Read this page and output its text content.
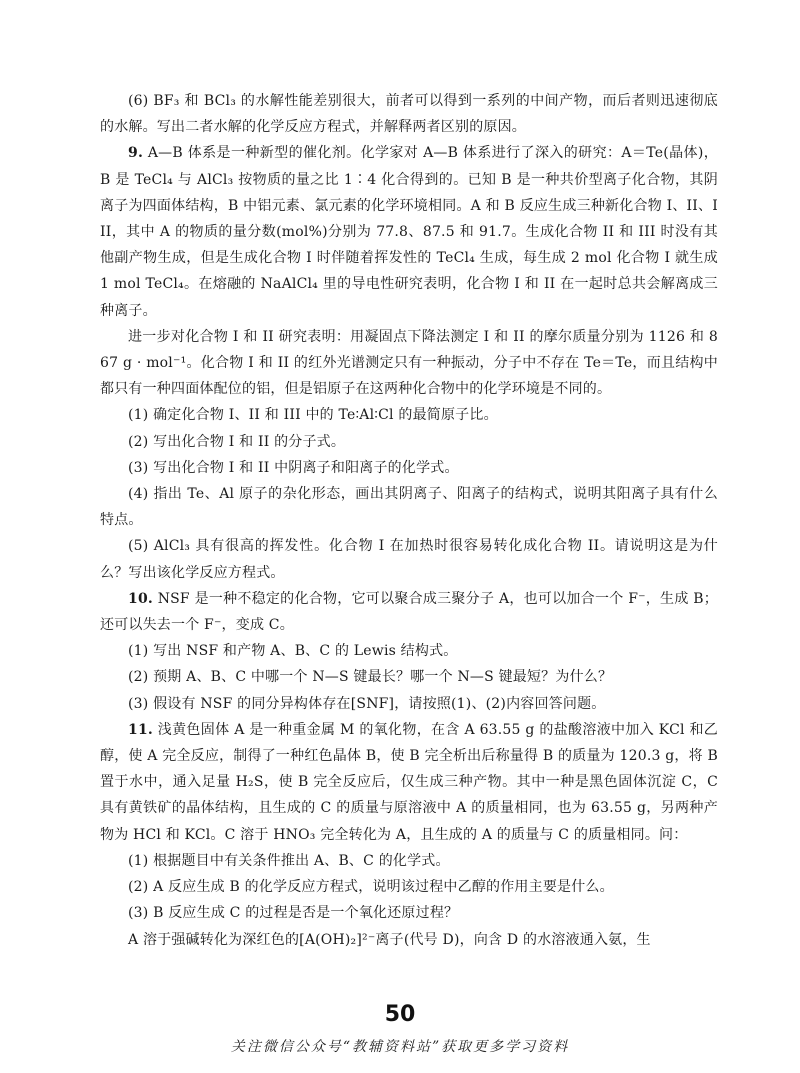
(6) BF₃ 和 BCl₃ 的水解性能差别很大，前者可以得到一系列的中间产物，而后者则迅速彻底的水解。写出二者水解的化学反应方程式，并解释两者区别的原因。

9. A—B 体系是一种新型的催化剂。化学家对 A—B 体系进行了深入的研究：A＝Te(晶体)，B 是 TeCl₄ 与 AlCl₃ 按物质的量之比 1∶4 化合得到的。已知 B 是一种共价型离子化合物，其阴离子为四面体结构，B 中铝元素、氯元素的化学环境相同。A 和 B 反应生成三种新化合物 I、II、III，其中 A 的物质的量分数(mol%)分别为 77.8、87.5 和 91.7。生成化合物 II 和 III 时没有其他副产物生成，但是生成化合物 I 时伴随着挥发性的 TeCl₄ 生成，每生成 2 mol 化合物 I 就生成 1 mol TeCl₄。在熔融的 NaAlCl₄ 里的导电性研究表明，化合物 I 和 II 在一起时总共会解离成三种离子。

进一步对化合物 I 和 II 研究表明：用凝固点下降法测定 I 和 II 的摩尔质量分别为 1126 和 867 g · mol⁻¹。化合物 I 和 II 的红外光谱测定只有一种振动，分子中不存在 Te＝Te，而且结构中都只有一种四面体配位的铝，但是铝原子在这两种化合物中的化学环境是不同的。

(1) 确定化合物 I、II 和 III 中的 Te∶Al∶Cl 的最简原子比。

(2) 写出化合物 I 和 II 的分子式。

(3) 写出化合物 I 和 II 中阴离子和阳离子的化学式。

(4) 指出 Te、Al 原子的杂化形态，画出其阴离子、阳离子的结构式，说明其阳离子具有什么特点。

(5) AlCl₃ 具有很高的挥发性。化合物 I 在加热时很容易转化成化合物 II。请说明这是为什么？写出该化学反应方程式。

10. NSF 是一种不稳定的化合物，它可以聚合成三聚分子 A，也可以加合一个 F⁻，生成 B；还可以失去一个 F⁻，变成 C。

(1) 写出 NSF 和产物 A、B、C 的 Lewis 结构式。

(2) 预期 A、B、C 中哪一个 N—S 键最长？哪一个 N—S 键最短？为什么？

(3) 假设有 NSF 的同分异构体存在[SNF]，请按照(1)、(2)内容回答问题。

11. 浅黄色固体 A 是一种重金属 M 的氧化物，在含 A 63.55 g 的盐酸溶液中加入 KCl 和乙醇，使 A 完全反应，制得了一种红色晶体 B，使 B 完全析出后称量得 B 的质量为 120.3 g，将 B 置于水中，通入足量 H₂S，使 B 完全反应后，仅生成三种产物。其中一种是黑色固体沉淀 C，C 具有黄铁矿的晶体结构，且生成的 C 的质量与原溶液中 A 的质量相同，也为 63.55 g，另两种产物为 HCl 和 KCl。C 溶于 HNO₃ 完全转化为 A，且生成的 A 的质量与 C 的质量相同。问：

(1) 根据题目中有关条件推出 A、B、C 的化学式。

(2) A 反应生成 B 的化学反应方程式，说明该过程中乙醇的作用主要是什么。

(3) B 反应生成 C 的过程是否是一个氧化还原过程？

A 溶于强碱转化为深红色的[A(OH)₂]²⁻离子(代号 D)，向含 D 的水溶液通入氨，生

50
关注微信公众号“教辅资料站”获取更多学习资料
